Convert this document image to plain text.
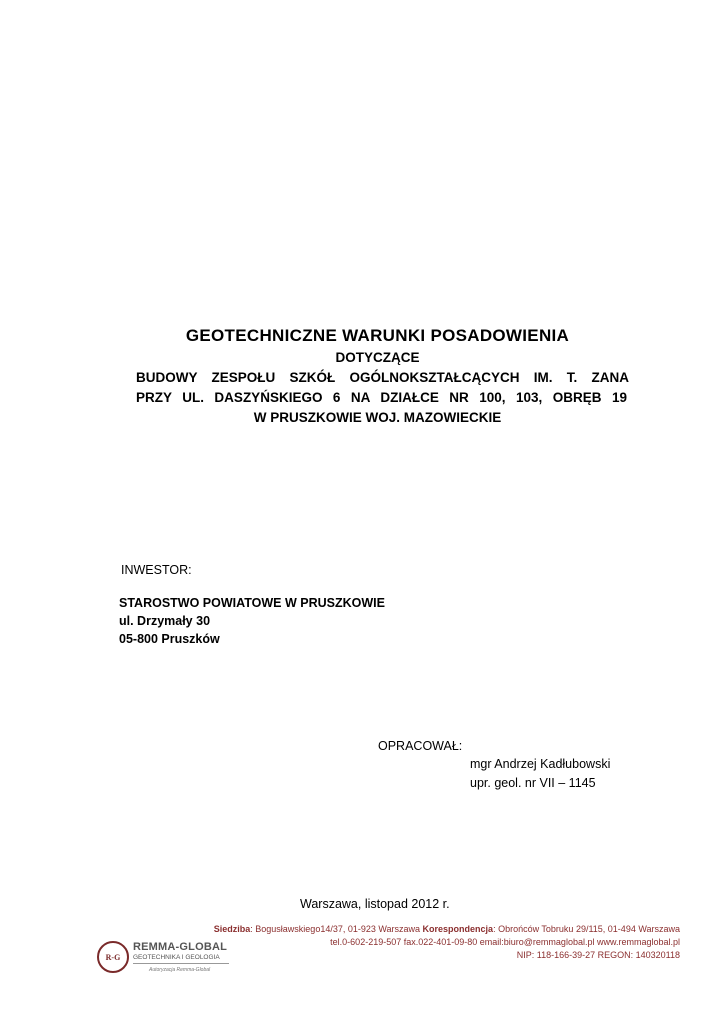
GEOTECHNICZNE WARUNKI POSADOWIENIA

DOTYCZĄCE

BUDOWY ZESPOŁU SZKÓŁ OGÓLNOKSZTAŁCĄCYCH IM. T. ZANA

PRZY UL. DASZYŃSKIEGO 6 NA DZIAŁCE NR 100, 103, OBRĘB 19

W PRUSZKOWIE WOJ. MAZOWIECKIE

INWESTOR:
STAROSTWO POWIATOWE W PRUSZKOWIE
ul. Drzymały 30
05-800 Pruszków
OPRACOWAŁ:
mgr Andrzej Kadłubowski
upr. geol. nr VII – 1145
Warszawa, listopad 2012 r.
R-G
REMMA-GLOBAL
GEOTECHNIKA I GEOLOGIA
Autoryzacja Remma-Global
Siedziba: Bogusławskiego14/37, 01-923 Warszawa Korespondencja: Obrońców Tobruku 29/115, 01-494 Warszawa
tel.0-602-219-507 fax.022-401-09-80 email:biuro@remmaglobal.pl www.remmaglobal.pl
NIP: 118-166-39-27 REGON: 140320118
